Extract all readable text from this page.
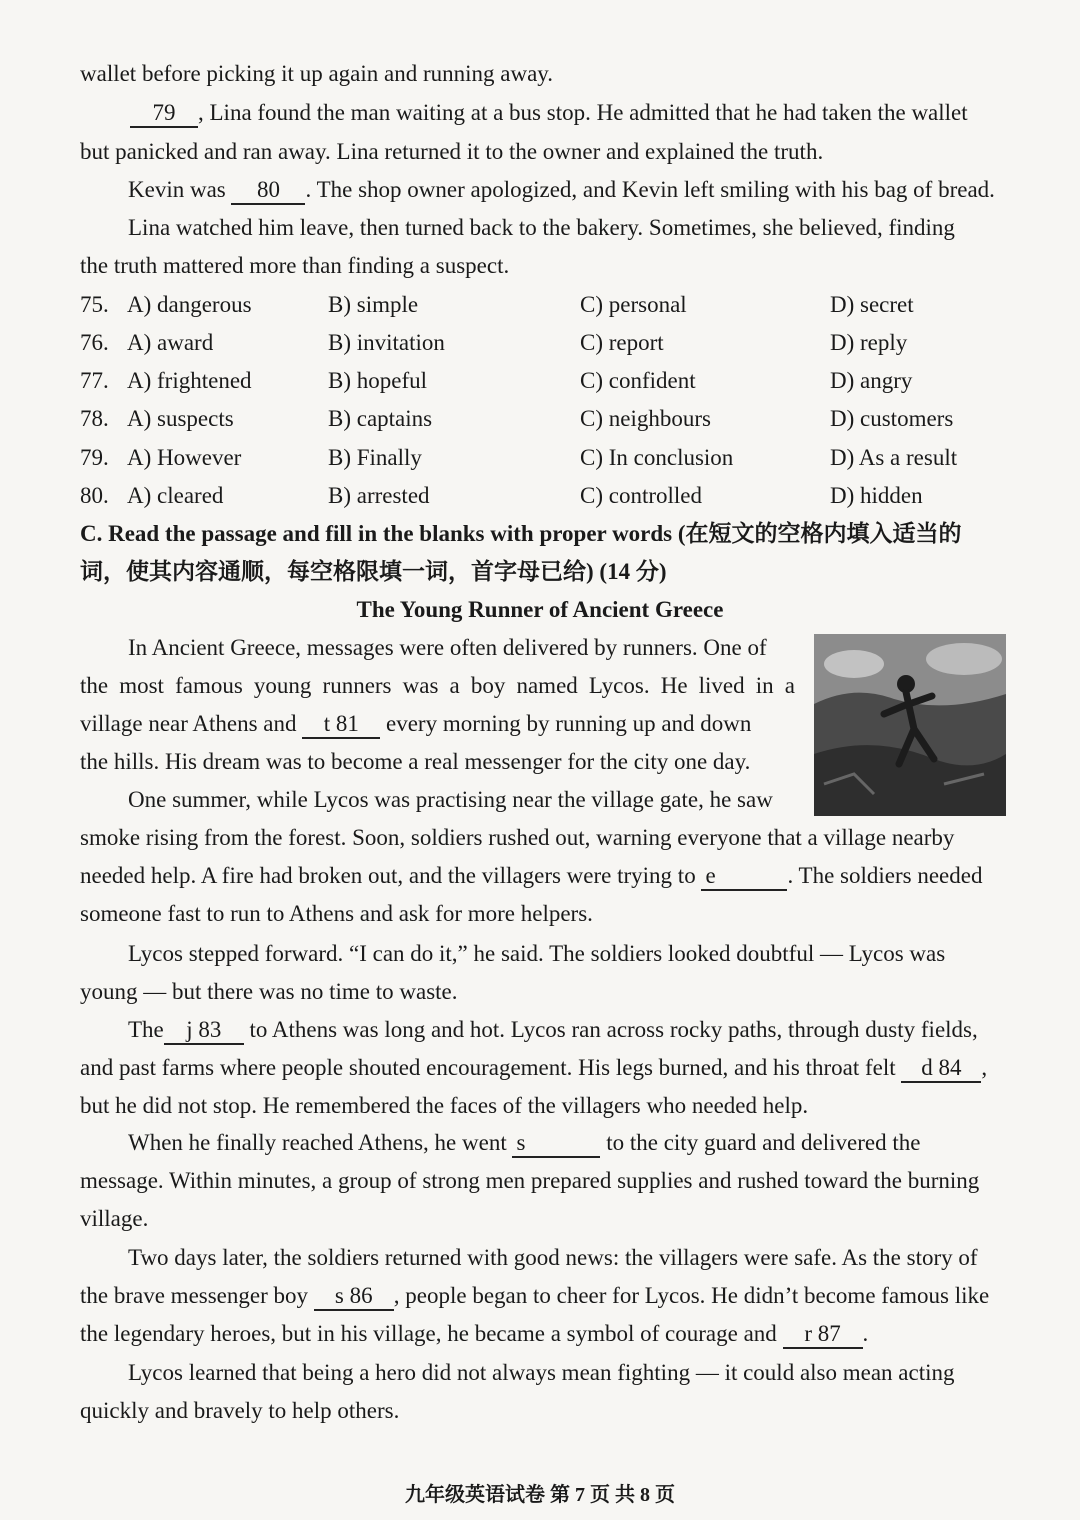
wallet before picking it up again and running away.
79 , Lina found the man waiting at a bus stop. He admitted that he had taken the wallet
but panicked and ran away. Lina returned it to the owner and explained the truth.
Kevin was 80 . The shop owner apologized, and Kevin left smiling with his bag of bread.
Lina watched him leave, then turned back to the bakery. Sometimes, she believed, finding
the truth mattered more than finding a suspect.
75. A) dangerous	B) simple	C) personal	D) secret
76. A) award	B) invitation	C) report	D) reply
77. A) frightened	B) hopeful	C) confident	D) angry
78. A) suspects	B) captains	C) neighbours	D) customers
79. A) However	B) Finally	C) In conclusion	D) As a result
80. A) cleared	B) arrested	C) controlled	D) hidden
C. Read the passage and fill in the blanks with proper words (在短文的空格内填入适当的
词，使其内容通顺，每空格限填一词，首字母已给) (14 分)
The Young Runner of Ancient Greece
In Ancient Greece, messages were often delivered by runners. One of
the most famous young runners was a boy named Lycos. He lived in a
village near Athens and t 81 every morning by running up and down
the hills. His dream was to become a real messenger for the city one day.
One summer, while Lycos was practising near the village gate, he saw
smoke rising from the forest. Soon, soldiers rushed out, warning everyone that a village nearby
needed help. A fire had broken out, and the villagers were trying to e	. The soldiers needed
someone fast to run to Athens and ask for more helpers.
Lycos stepped forward. “I can do it,” he said. The soldiers looked doubtful — Lycos was
young — but there was no time to waste.
The j 83 to Athens was long and hot. Lycos ran across rocky paths, through dusty fields,
and past farms where people shouted encouragement. His legs burned, and his throat felt d 84 ,
but he did not stop. He remembered the faces of the villagers who needed help.
When he finally reached Athens, he went s	to the city guard and delivered the
message. Within minutes, a group of strong men prepared supplies and rushed toward the burning
village.
Two days later, the soldiers returned with good news: the villagers were safe. As the story of
the brave messenger boy s 86 , people began to cheer for Lycos. He didn’t become famous like
the legendary heroes, but in his village, he became a symbol of courage and r 87 .
Lycos learned that being a hero did not always mean fighting — it could also mean acting
quickly and bravely to help others.
九年级英语试卷 第 7 页 共 8 页
